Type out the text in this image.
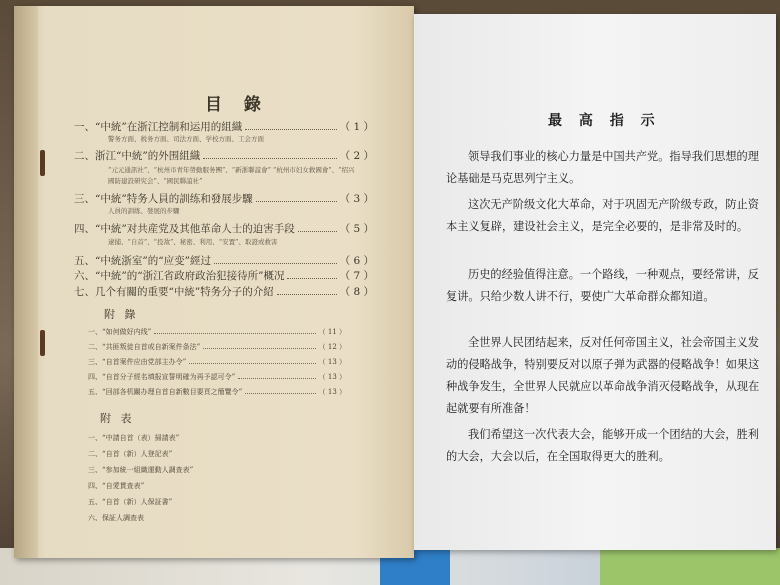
目 錄
一、“中統”在浙江控制和运用的組織	（ 1 ）
警务方面、税务方面、司法方面、学校方面、工会方面
二、浙江“中統”的外围組織	（ 2 ）
“元元通訊社”、“杭州市青年勞動服务團”、“新浙聯誼會” “杭州市妇女救國會”、“绍兴國防建設研究会”、“國民聯誼社”
三、“中統”特务人員的訓练和發展步驟	（ 3 ）
人員的訓练、發展的步驟
四、“中統”对共産党及其他革命人士的迫害手段	（ 5 ）
逮捕、“自首”、“投敌”、秘密、利用、“安置”、取證或救害
五、“中統浙室”的“应变”經过	（ 6 ）
六、“中統”的“浙江省政府政治犯接待所”概况	（ 7 ）
七、几个有關的重要“中統”特务分子的介紹	（ 8 ）
附 錄
一、“如何做好内线”	（ 11 ）
二、“共匪叛徒自首或自新案件条法”	（ 12 ）
三、“自首案件应由党部主办令”	（ 13 ）
四、“自首分子經名填报宣誓明確为再予認可令”	（ 13 ）
五、“回部各机關办理自首自新數目要頁之簡覽令”	（ 13 ）
附 表
一、“中請自首（表）掃請表”
二、“自首（新）人登記表”
三、“参加統一組織運動人調查表”
四、“自愛貫查表”
五、“自首（新）人保証書”
六、保証人調查表
最 高 指 示
领导我们事业的核心力量是中国共产党。指导我们思想的理论基础是马克思列宁主义。
这次无产阶级文化大革命，对于巩固无产阶级专政，防止资本主义复辟，建设社会主义，是完全必要的，是非常及时的。
历史的经验值得注意。一个路线，一种观点，要经常讲，反复讲。只给少数人讲不行，要使广大革命群众都知道。
全世界人民团结起来，反对任何帝国主义，社会帝国主义发动的侵略战争，特别要反对以原子弹为武器的侵略战争！如果这种战争发生，全世界人民就应以革命战争消灭侵略战争，从现在起就要有所准备！
我们希望这一次代表大会，能够开成一个团结的大会，胜利的大会，大会以后，在全国取得更大的胜利。
